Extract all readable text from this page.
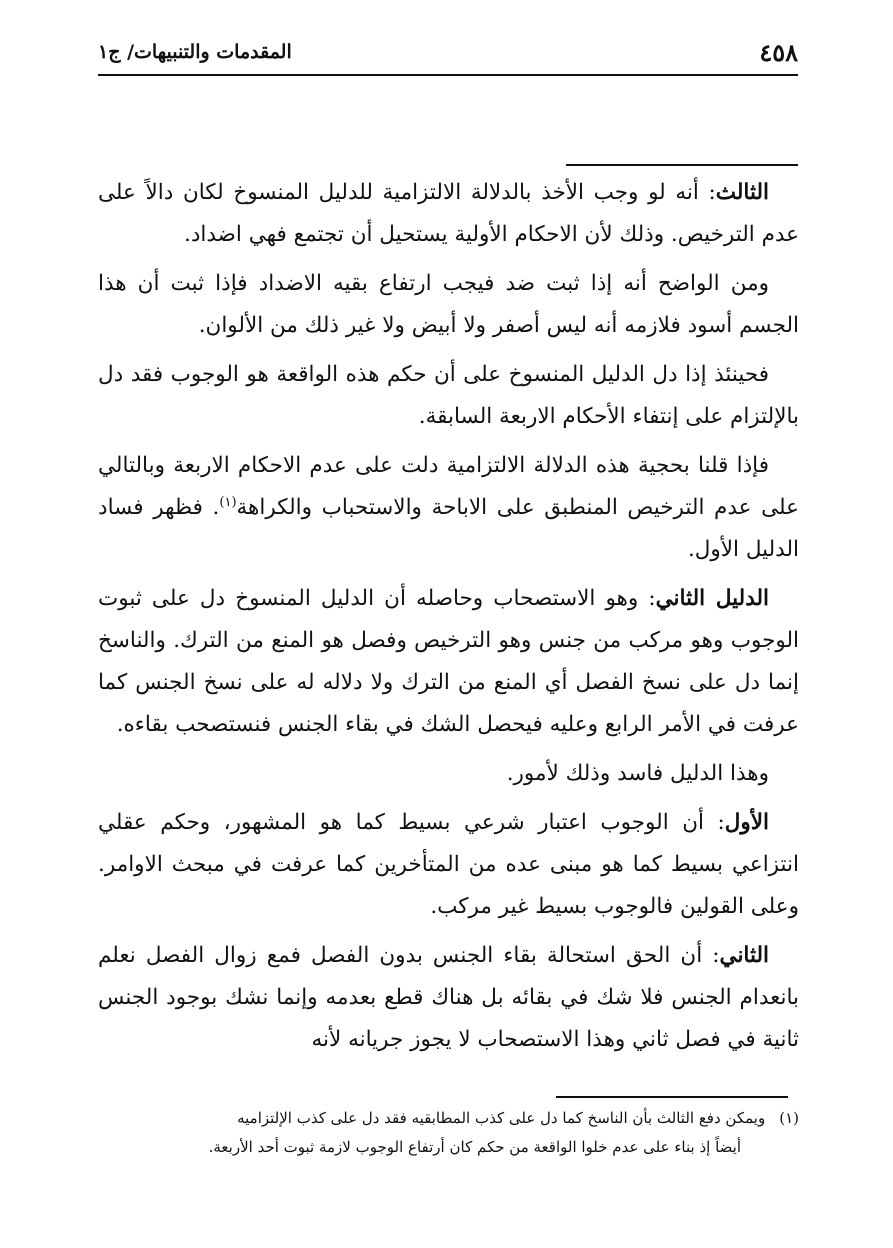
المقدمات والتنبيهات/ ج١	٤٥٨

الثالث: أنه لو وجب الأخذ بالدلالة الالتزامية للدليل المنسوخ لكان دالاً على عدم الترخيص. وذلك لأن الاحكام الأولية يستحيل أن تجتمع فهي اضداد.

ومن الواضح أنه إذا ثبت ضد فيجب ارتفاع بقيه الاضداد فإذا ثبت أن هذا الجسم أسود فلازمه أنه ليس أصفر ولا أبيض ولا غير ذلك من الألوان.

فحينئذ إذا دل الدليل المنسوخ على أن حكم هذه الواقعة هو الوجوب فقد دل بالإلتزام على إنتفاء الأحكام الاربعة السابقة.

فإذا قلنا بحجية هذه الدلالة الالتزامية دلت على عدم الاحكام الاربعة وبالتالي على عدم الترخيص المنطبق على الاباحة والاستحباب والكراهة$^{(١)}$. فظهر فساد الدليل الأول.

الدليل الثاني: وهو الاستصحاب وحاصله أن الدليل المنسوخ دل على ثبوت الوجوب وهو مركب من جنس وهو الترخيص وفصل هو المنع من الترك. والناسخ إنما دل على نسخ الفصل أي المنع من الترك ولا دلاله له على نسخ الجنس كما عرفت في الأمر الرابع وعليه فيحصل الشك في بقاء الجنس فنستصحب بقاءه.

وهذا الدليل فاسد وذلك لأمور.

الأول: أن الوجوب اعتبار شرعي بسيط كما هو المشهور، وحكم عقلي انتزاعي بسيط كما هو مبنى عده من المتأخرين كما عرفت في مبحث الاوامر. وعلى القولين فالوجوب بسيط غير مركب.

الثاني: أن الحق استحالة بقاء الجنس بدون الفصل فمع زوال الفصل نعلم بانعدام الجنس فلا شك في بقائه بل هناك قطع بعدمه وإنما نشك بوجود الجنس ثانية في فصل ثاني وهذا الاستصحاب لا يجوز جريانه لأنه

(١)ويمكن دفع الثالث بأن الناسخ كما دل على كذب المطابقيه فقد دل على كذب الإلتزاميه
أيضاً إذ بناء على عدم خلوا الواقعة من حكم كان أرتفاع الوجوب لازمة ثبوت أحد الأربعة.
